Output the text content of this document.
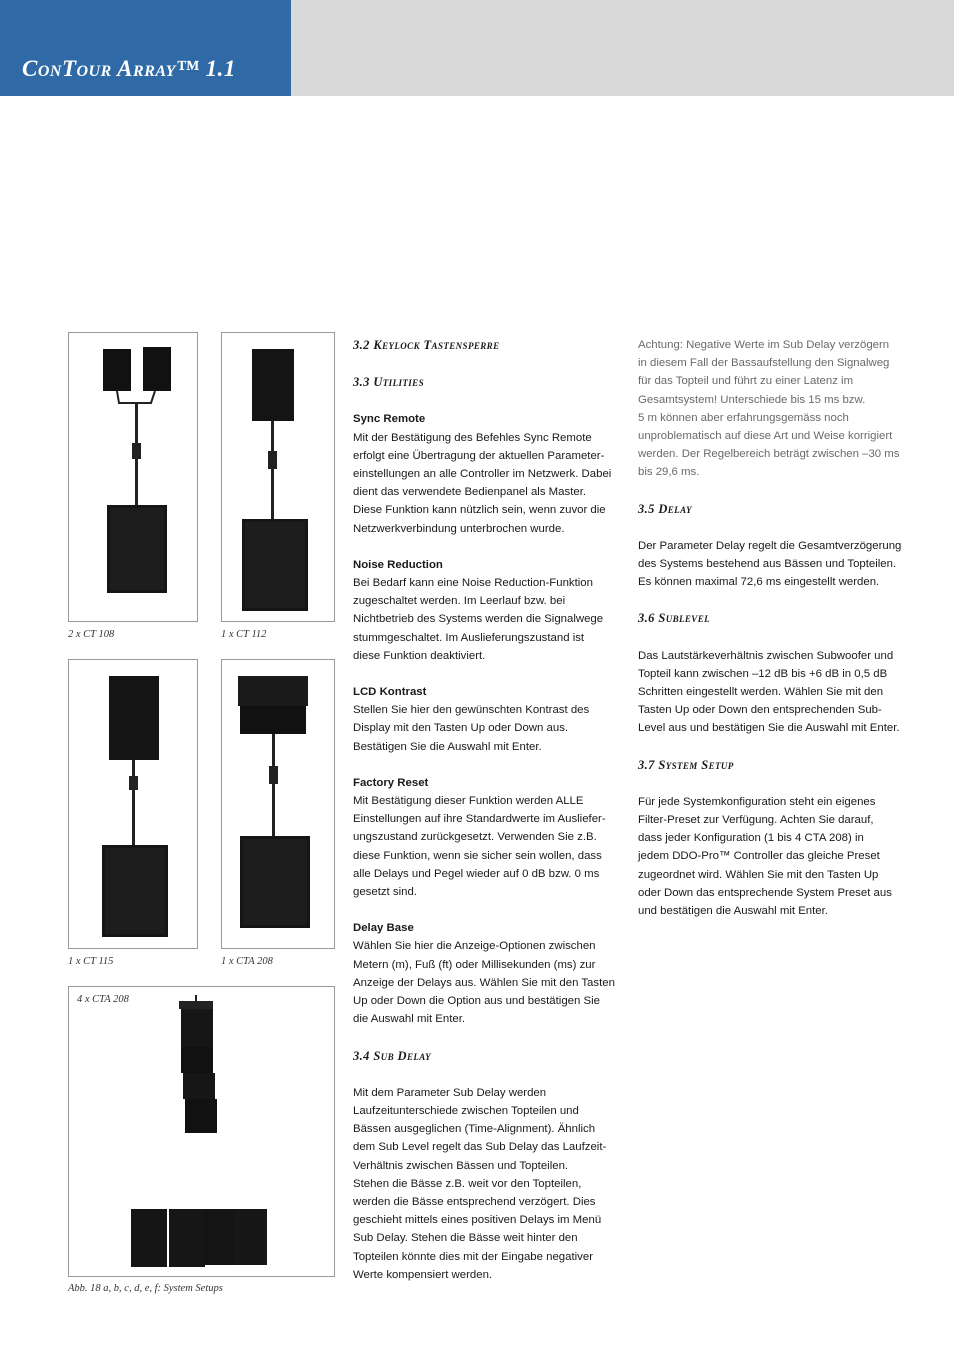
ConTour Array™ 1.1
2 x CT 108	1 x CT 112
1 x CT 115	1 x CTA 208
4 x CTA 208
Abb. 18 a, b, c, d, e, f: System Setups

3.2 Keylock Tastensperre

3.3 Utilities

Sync Remote

Mit der Bestätigung des Befehles Sync Remote

erfolgt eine Übertragung der aktuellen Parameter-

einstellungen an alle Controller im Netzwerk. Dabei

dient das verwendete Bedienpanel als Master.

Diese Funktion kann nützlich sein, wenn zuvor die

Netzwerkverbindung unterbrochen wurde.

Noise Reduction

Bei Bedarf kann eine Noise Reduction-Funktion

zugeschaltet werden. Im Leerlauf bzw. bei

Nichtbetrieb des Systems werden die Signalwege

stummgeschaltet. Im Auslieferungszustand ist

diese Funktion deaktiviert.

LCD Kontrast

Stellen Sie hier den gewünschten Kontrast des

Display mit den Tasten Up oder Down aus.

Bestätigen Sie die Auswahl mit Enter.

Factory Reset

Mit Bestätigung dieser Funktion werden ALLE

Einstellungen auf ihre Standardwerte im Ausliefer-

ungszustand zurückgesetzt. Verwenden Sie z.B.

diese Funktion, wenn sie sicher sein wollen, dass

alle Delays und Pegel wieder auf 0 dB bzw. 0 ms

gesetzt sind.

Delay Base

Wählen Sie hier die Anzeige-Optionen zwischen

Metern (m), Fuß (ft) oder Millisekunden (ms) zur

Anzeige der Delays aus. Wählen Sie mit den Tasten

Up oder Down die Option aus und bestätigen Sie

die Auswahl mit Enter.

3.4 Sub Delay

Mit dem Parameter Sub Delay werden

Laufzeitunterschiede zwischen Topteilen und

Bässen ausgeglichen (Time-Alignment). Ähnlich

dem Sub Level regelt das Sub Delay das Laufzeit-

Verhältnis zwischen Bässen und Topteilen.

Stehen die Bässe z.B. weit vor den Topteilen,

werden die Bässe entsprechend verzögert. Dies

geschieht mittels eines positiven Delays im Menü

Sub Delay. Stehen die Bässe weit hinter den

Topteilen könnte dies mit der Eingabe negativer

Werte kompensiert werden.

Achtung: Negative Werte im Sub Delay verzögern

in diesem Fall der Bassaufstellung den Signalweg

für das Topteil und führt zu einer Latenz im

Gesamtsystem! Unterschiede bis 15 ms bzw.

5 m können aber erfahrungsgemäss noch

unproblematisch auf diese Art und Weise korrigiert

werden. Der Regelbereich beträgt zwischen –30 ms

bis 29,6 ms.

3.5 Delay

Der Parameter Delay regelt die Gesamtverzögerung

des Systems bestehend aus Bässen und Topteilen.

Es können maximal 72,6 ms eingestellt werden.

3.6 Sublevel

Das Lautstärkeverhältnis zwischen Subwoofer und

Topteil kann zwischen –12 dB bis +6 dB in 0,5 dB

Schritten eingestellt werden. Wählen Sie mit den

Tasten Up oder Down den entsprechenden Sub-

Level aus und bestätigen Sie die Auswahl mit Enter.

3.7 System Setup

Für jede Systemkonfiguration steht ein eigenes

Filter-Preset zur Verfügung. Achten Sie darauf,

dass jeder Konfiguration (1 bis 4 CTA 208) in

jedem DDO-Pro™ Controller das gleiche Preset

zugeordnet wird. Wählen Sie mit den Tasten Up

oder Down das entsprechende System Preset aus

und bestätigen die Auswahl mit Enter.
